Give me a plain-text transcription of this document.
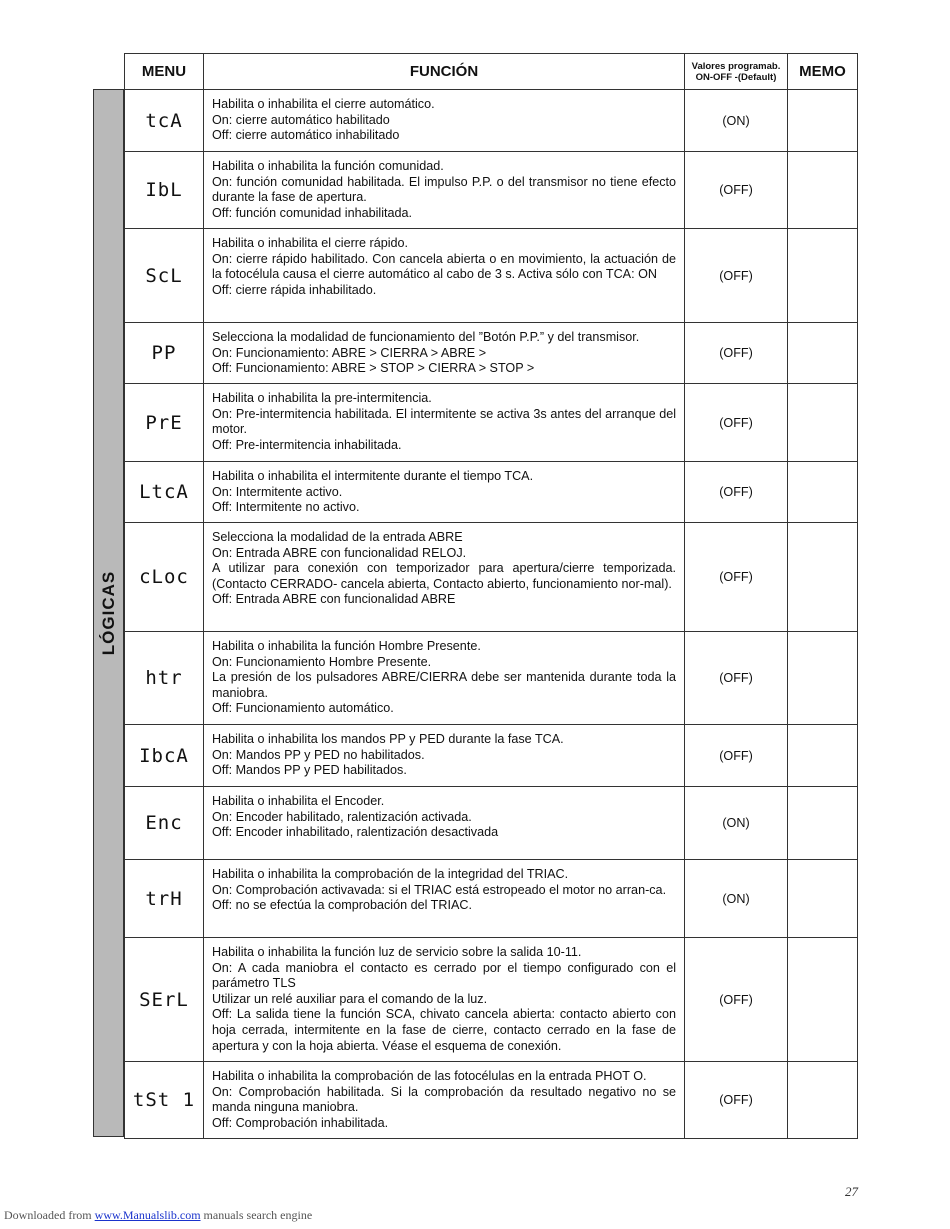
LÓGICAS
MENU	FUNCIÓN	Valores programab.
ON-OFF -(Default)	MEMO
tcA	Habilita o inhabilita el cierre automático.
On: cierre automático habilitado
Off: cierre automático inhabilitado	(ON)	
IbL	Habilita o inhabilita la función comunidad.
On: función comunidad habilitada. El impulso P.P. o del transmisor no tiene efecto durante la fase de apertura.
Off: función comunidad inhabilitada.	(OFF)	
ScL	Habilita o inhabilita el cierre rápido.
On: cierre rápido habilitado. Con cancela abierta o en movimiento, la actuación de la fotocélula causa el cierre automático al cabo de 3 s. Activa sólo con TCA: ON
Off: cierre rápida inhabilitado.	(OFF)	
PP	Selecciona la modalidad de funcionamiento del ”Botón P.P.” y del transmisor.
On: Funcionamiento: ABRE > CIERRA > ABRE >
Off: Funcionamiento: ABRE > STOP > CIERRA > STOP >	(OFF)	
PrE	Habilita o inhabilita la pre-intermitencia.
On: Pre-intermitencia habilitada. El intermitente se activa 3s antes del arranque del motor.
Off: Pre-intermitencia inhabilitada.	(OFF)	
LtcA	Habilita o inhabilita el intermitente durante el tiempo TCA.
On: Intermitente activo.
Off: Intermitente no activo.	(OFF)	
cLoc	Selecciona la modalidad de la entrada ABRE
On: Entrada ABRE con funcionalidad RELOJ.
A utilizar para conexión con temporizador para apertura/cierre temporizada. (Contacto CERRADO- cancela abierta, Contacto abierto, funcionamiento nor-mal).
Off: Entrada ABRE con funcionalidad ABRE	(OFF)	
htr	Habilita o inhabilita la función Hombre Presente.
On: Funcionamiento Hombre Presente.
La presión de los pulsadores ABRE/CIERRA debe ser mantenida durante toda la maniobra.
Off: Funcionamiento automático.	(OFF)	
IbcA	Habilita o inhabilita los mandos PP y PED durante la fase TCA.
On: Mandos PP y PED no habilitados.
Off: Mandos PP y PED habilitados.	(OFF)	
Enc	Habilita o inhabilita el Encoder.
On: Encoder habilitado, ralentización activada.
Off: Encoder inhabilitado, ralentización desactivada	(ON)	
trH	Habilita o inhabilita la comprobación de la integridad del TRIAC.
On: Comprobación activavada: si el TRIAC está estropeado el motor no arran-ca.
Off: no se efectúa la comprobación del TRIAC.	(ON)	
SErL	Habilita o inhabilita la función luz de servicio sobre la salida 10-11.
On: A cada maniobra el contacto es cerrado por el tiempo configurado con el parámetro TLS
Utilizar un relé auxiliar para el comando de la luz.
Off: La salida tiene la función SCA, chivato cancela abierta: contacto abierto con hoja cerrada, intermitente en la fase de cierre, contacto cerrado en la fase de apertura y con la hoja abierta. Véase el esquema de conexión.	(OFF)	
tSt 1	Habilita o inhabilita la comprobación de las fotocélulas en la entrada PHOT O.
On: Comprobación habilitada. Si la comprobación da resultado negativo no se manda ninguna maniobra.
Off: Comprobación inhabilitada.	(OFF)	
27
Downloaded from www.Manualslib.com manuals search engine
